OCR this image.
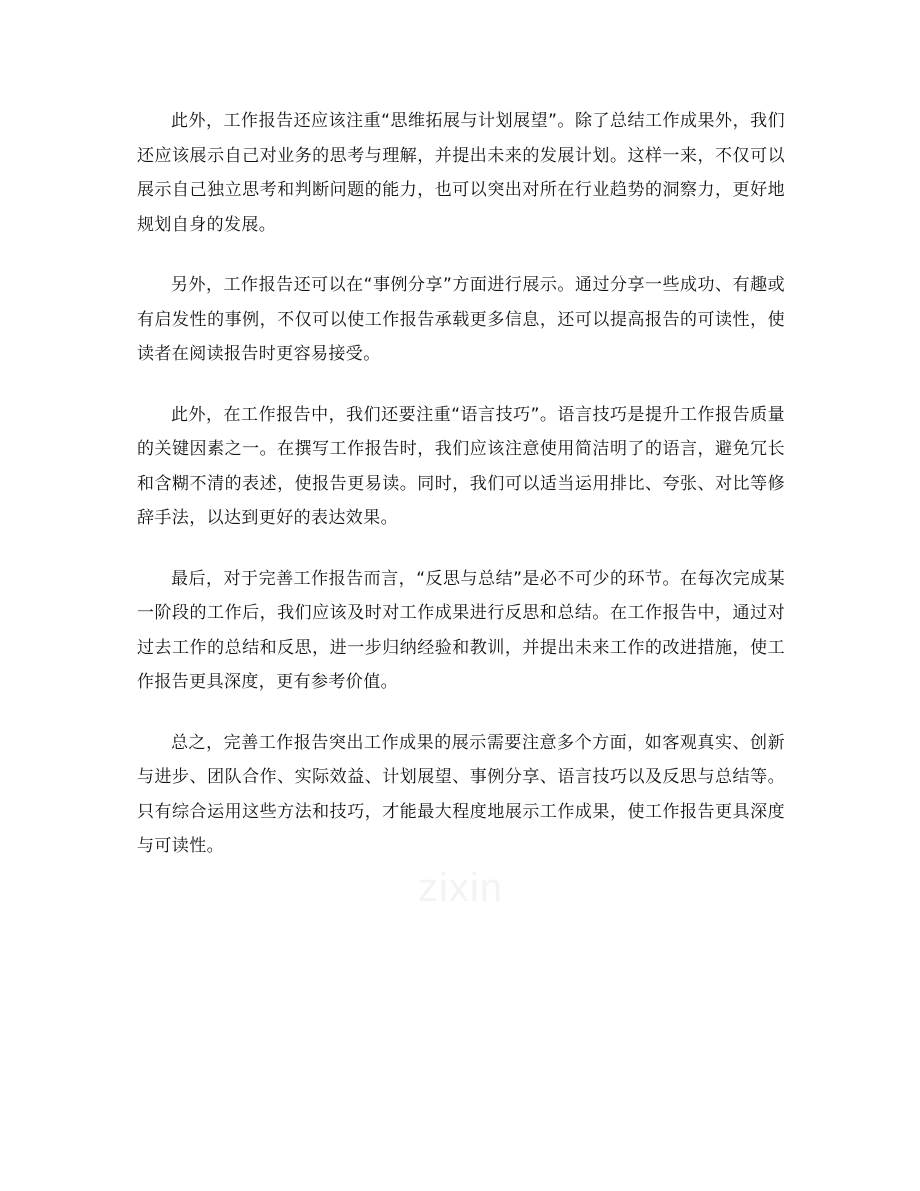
此外，工作报告还应该注重“思维拓展与计划展望”。除了总结工作成果外，我们还应该展示自己对业务的思考与理解，并提出未来的发展计划。这样一来，不仅可以展示自己独立思考和判断问题的能力，也可以突出对所在行业趋势的洞察力，更好地规划自身的发展。

另外，工作报告还可以在“事例分享”方面进行展示。通过分享一些成功、有趣或有启发性的事例，不仅可以使工作报告承载更多信息，还可以提高报告的可读性，使读者在阅读报告时更容易接受。

此外，在工作报告中，我们还要注重“语言技巧”。语言技巧是提升工作报告质量的关键因素之一。在撰写工作报告时，我们应该注意使用简洁明了的语言，避免冗长和含糊不清的表述，使报告更易读。同时，我们可以适当运用排比、夸张、对比等修辞手法，以达到更好的表达效果。

最后，对于完善工作报告而言，“反思与总结”是必不可少的环节。在每次完成某一阶段的工作后，我们应该及时对工作成果进行反思和总结。在工作报告中，通过对过去工作的总结和反思，进一步归纳经验和教训，并提出未来工作的改进措施，使工作报告更具深度，更有参考价值。

总之，完善工作报告突出工作成果的展示需要注意多个方面，如客观真实、创新与进步、团队合作、实际效益、计划展望、事例分享、语言技巧以及反思与总结等。只有综合运用这些方法和技巧，才能最大程度地展示工作成果，使工作报告更具深度与可读性。

zixin
